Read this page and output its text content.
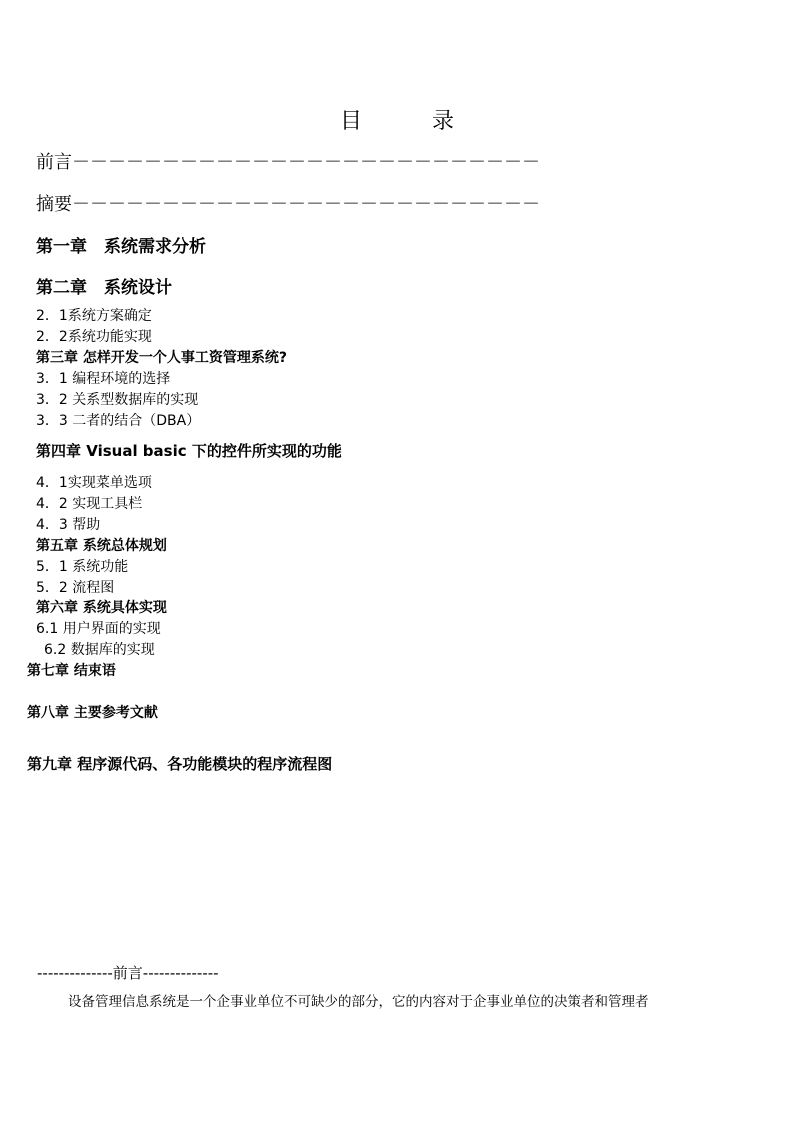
目	录
前言－－－－－－－－－－－－－－－－－－－－－－－－－－
摘要－－－－－－－－－－－－－－－－－－－－－－－－－－
第一章　系统需求分析
第二章　系统设计
2．1系统方案确定
2．2系统功能实现
第三章 怎样开发一个人事工资管理系统?
3．1 编程环境的选择
3．2 关系型数据库的实现
3．3 二者的结合（DBA）
第四章 Visual basic 下的控件所实现的功能
4．1实现菜单选项
4．2 实现工具栏
4．3 帮助
第五章 系统总体规划
5．1 系统功能
5．2 流程图
第六章 系统具体实现
6.1 用户界面的实现
6.2 数据库的实现
第七章 结束语
第八章 主要参考文献
第九章 程序源代码、各功能模块的程序流程图
--------------前言--------------
设备管理信息系统是一个企事业单位不可缺少的部分，它的内容对于企事业单位的决策者和管理者
